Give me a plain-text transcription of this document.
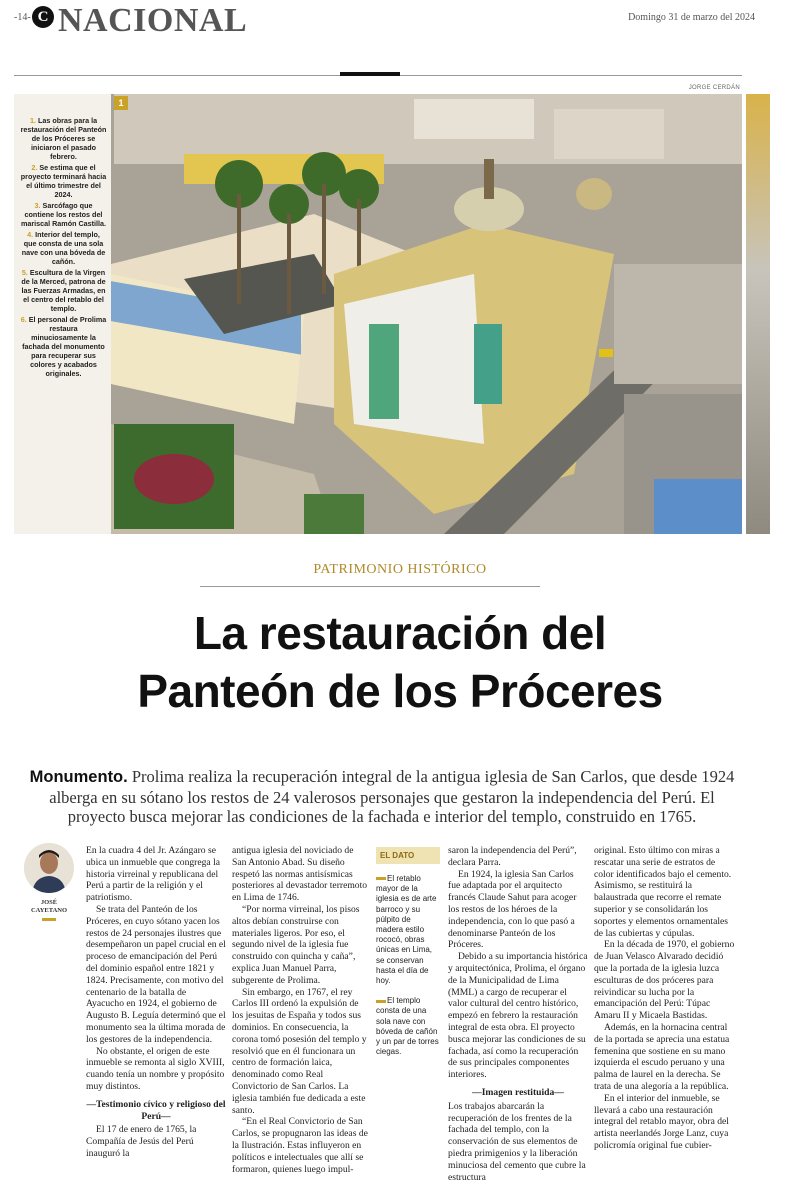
-14- C NACIONAL	Domingo 31 de marzo del 2024
JORGE CERDÁN

1. Las obras para la restauración del Panteón de los Próceres se iniciaron el pasado febrero.

2. Se estima que el proyecto terminará hacia el último trimestre del 2024.

3. Sarcófago que contiene los restos del mariscal Ramón Castilla.

4. Interior del templo, que consta de una sola nave con una bóveda de cañón.

5. Escultura de la Virgen de la Merced, patrona de las Fuerzas Armadas, en el centro del retablo del templo.

6. El personal de Prolima restaura minuciosamente la fachada del monumento para recuperar sus colores y acabados originales.

1
PATRIMONIO HISTÓRICO
La restauración del
Panteón de los Próceres

Monumento. Prolima realiza la recuperación integral de la antigua iglesia de San Carlos, que desde 1924 alberga en su sótano los restos de 24 valerosos personajes que gestaron la independencia del Perú. El proyecto busca mejorar las condiciones de la fachada e interior del templo, construido en 1765.

JOSÉ
CAYETANO

En la cuadra 4 del Jr. Azángaro se ubica un inmueble que congrega la historia virreinal y republicana del Perú a partir de la religión y el patriotismo.

Se trata del Panteón de los Próceres, en cuyo sótano yacen los restos de 24 personajes ilustres que desempeñaron un papel crucial en el proceso de emancipación del Perú del dominio español entre 1821 y 1824. Precisamente, con motivo del centenario de la batalla de Ayacucho en 1924, el gobierno de Augusto B. Leguía determinó que el monumento sea la última morada de los gestores de la independencia.

No obstante, el origen de este inmueble se remonta al siglo XVIII, cuando tenía un nombre y propósito muy distintos.

—Testimonio cívico y religioso del Perú—

El 17 de enero de 1765, la Compañía de Jesús del Perú inauguró la

antigua iglesia del noviciado de San Antonio Abad. Su diseño respetó las normas antisísmicas posteriores al devastador terremoto en Lima de 1746.

“Por norma virreinal, los pisos altos debían construirse con materiales ligeros. Por eso, el segundo nivel de la iglesia fue construido con quincha y caña”, explica Juan Manuel Parra, subgerente de Prolima.

Sin embargo, en 1767, el rey Carlos III ordenó la expulsión de los jesuitas de España y todos sus dominios. En consecuencia, la corona tomó posesión del templo y resolvió que en él funcionara un centro de formación laica, denominado como Real Convictorio de San Carlos. La iglesia también fue dedicada a este santo.

“En el Real Convictorio de San Carlos, se propugnaron las ideas de la Ilustración. Estas influyeron en políticos e intelectuales que allí se formaron, quienes luego impul-

EL DATO

El retablo mayor de la iglesia es de arte barroco y su púlpito de madera estilo rococó, obras únicas en Lima, se conservan hasta el día de hoy.

El templo consta de una sola nave con bóveda de cañón y un par de torres ciegas.

saron la independencia del Perú”, declara Parra.

En 1924, la iglesia San Carlos fue adaptada por el arquitecto francés Claude Sahut para acoger los restos de los héroes de la independencia, con lo que pasó a denominarse Panteón de los Próceres.

Debido a su importancia histórica y arquitectónica, Prolima, el órgano de la Municipalidad de Lima (MML) a cargo de recuperar el valor cultural del centro histórico, empezó en febrero la restauración integral de esta obra. El proyecto busca mejorar las condiciones de su fachada, así como la recuperación de sus principales componentes interiores.

—Imagen restituida—

Los trabajos abarcarán la recuperación de los frentes de la fachada del templo, con la conservación de sus elementos de piedra primigenios y la liberación minuciosa del cemento que cubre la estructura

original. Esto último con miras a rescatar una serie de estratos de color identificados bajo el cemento. Asimismo, se restituirá la balaustrada que recorre el remate superior y se consolidarán los soportes y elementos ornamentales de las cubiertas y cúpulas.

En la década de 1970, el gobierno de Juan Velasco Alvarado decidió que la portada de la iglesia luzca esculturas de dos próceres para reivindicar su lucha por la emancipación del Perú: Túpac Amaru II y Micaela Bastidas.

Además, en la hornacina central de la portada se aprecia una estatua femenina que sostiene en su mano izquierda el escudo peruano y una palma de laurel en la derecha. Se trata de una alegoría a la república.

En el interior del inmueble, se llevará a cabo una restauración integral del retablo mayor, obra del artista neerlandés Jorge Lanz, cuya policromía original fue cubier-
